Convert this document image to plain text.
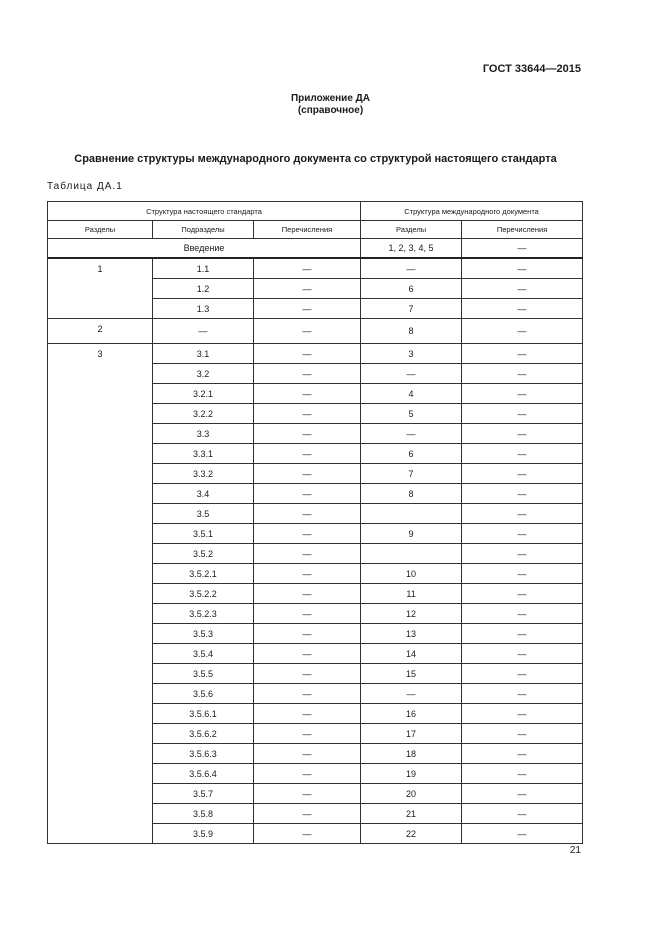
ГОСТ 33644—2015
Приложение ДА
(справочное)
Сравнение структуры международного документа со структурой настоящего стандарта
Таблица ДА.1
Структура настоящего стандарта			Структура международного документа	
Разделы	Подразделы	Перечисления	Разделы	Перечисления
Введение			1, 2, 3, 4, 5	—
1	1.1	—	—	—
	1.2	—	6	—
	1.3	—	7	—
2	—	—	8	—
3	3.1	—	3	—
	3.2	—	—	—
	3.2.1	—	4	—
	3.2.2	—	5	—
	3.3	—	—	—
	3.3.1	—	6	—
	3.3.2	—	7	—
	3.4	—	8	—
	3.5	—		—
	3.5.1	—	9	—
	3.5.2	—		—
	3.5.2.1	—	10	—
	3.5.2.2	—	11	—
	3.5.2.3	—	12	—
	3.5.3	—	13	—
	3.5.4	—	14	—
	3.5.5	—	15	—
	3.5.6	—	—	—
	3.5.6.1	—	16	—
	3.5.6.2	—	17	—
	3.5.6.3	—	18	—
	3.5.6.4	—	19	—
	3.5.7	—	20	—
	3.5.8	—	21	—
	3.5.9	—	22	—
21
